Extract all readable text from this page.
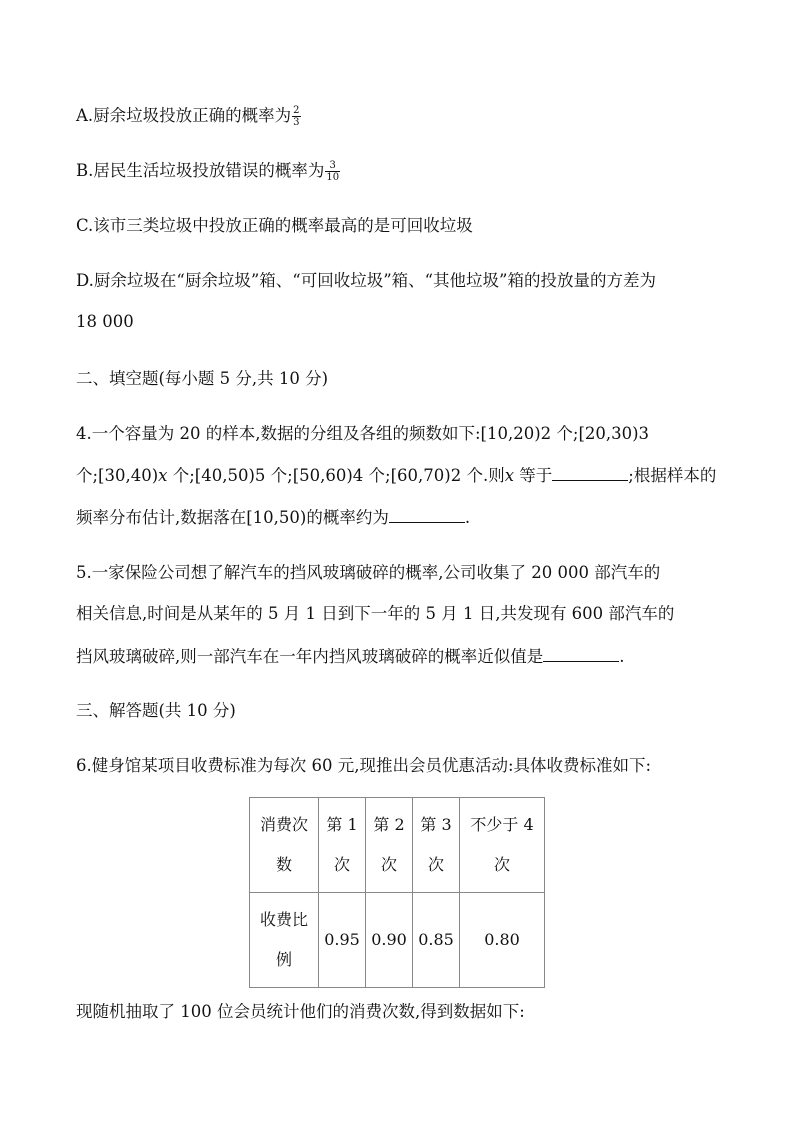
A.厨余垃圾投放正确的概率为 $\frac{2}{3}$
B.居民生活垃圾投放错误的概率为 $\frac{3}{10}$
C.该市三类垃圾中投放正确的概率最高的是可回收垃圾
D.厨余垃圾在“厨余垃圾”箱、“可回收垃圾”箱、“其他垃圾”箱的投放量的方差为
18 000
二、填空题(每小题 5 分,共 10 分)
4.一个容量为 20 的样本,数据的分组及各组的频数如下:[10,20)2 个;[20,30)3
个;[30,40)x 个;[40,50)5 个;[50,60)4 个;[60,70)2 个.则x 等于	;根据样本的
频率分布估计,数据落在[10,50)的概率约为	.
5.一家保险公司想了解汽车的挡风玻璃破碎的概率,公司收集了 20 000 部汽车的
相关信息,时间是从某年的 5 月 1 日到下一年的 5 月 1 日,共发现有 600 部汽车的
挡风玻璃破碎,则一部汽车在一年内挡风玻璃破碎的概率近似值是	.
三、解答题(共 10 分)
6.健身馆某项目收费标准为每次 60 元,现推出会员优惠活动:具体收费标准如下:
消费次
数	第 1
次	第 2
次	第 3
次	不少于 4
次

收费比
例	0.95	0.90	0.85	0.80
现随机抽取了 100 位会员统计他们的消费次数,得到数据如下:
